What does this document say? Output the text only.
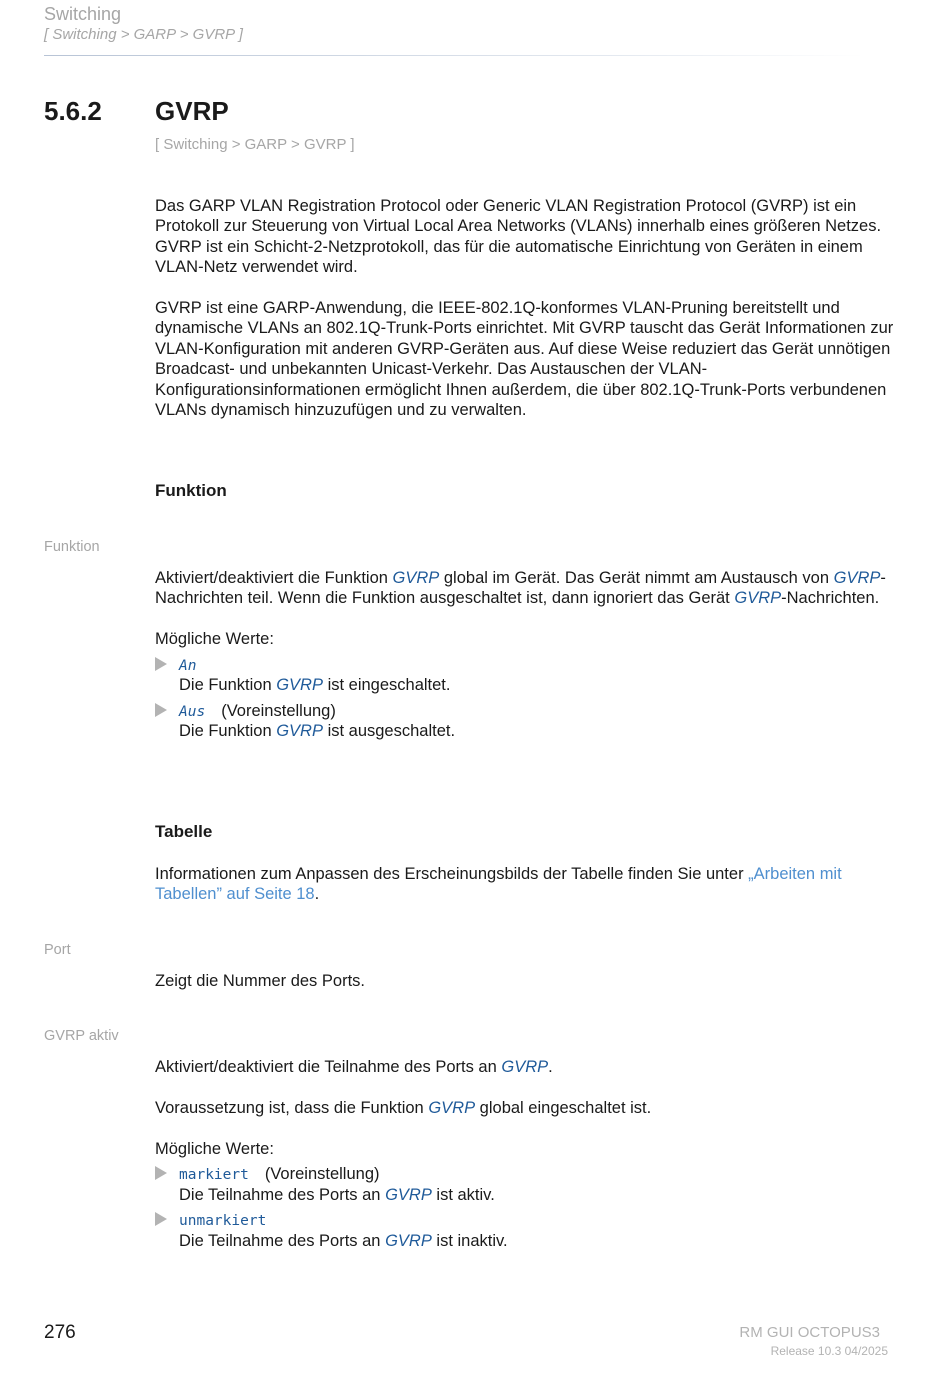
Switching
[ Switching > GARP > GVRP ]
5.6.2 GVRP
[ Switching > GARP > GVRP ]

Das GARP VLAN Registration Protocol oder Generic VLAN Registration Protocol (GVRP) ist ein Protokoll zur Steuerung von Virtual Local Area Networks (VLANs) innerhalb eines größeren Netzes. GVRP ist ein Schicht-2-Netzprotokoll, das für die automatische Einrichtung von Geräten in einem VLAN-Netz verwendet wird.

GVRP ist eine GARP-Anwendung, die IEEE-802.1Q-konformes VLAN-Pruning bereitstellt und dynamische VLANs an 802.1Q-Trunk-Ports einrichtet. Mit GVRP tauscht das Gerät Informationen zur VLAN-Konfiguration mit anderen GVRP-Geräten aus. Auf diese Weise reduziert das Gerät unnötigen Broadcast- und unbekannten Unicast-Verkehr. Das Austauschen der VLAN-Konfigurationsinformationen ermöglicht Ihnen außerdem, die über 802.1Q-Trunk-Ports verbundenen VLANs dynamisch hinzuzufügen und zu verwalten.

Funktion
Funktion

Aktiviert/deaktiviert die Funktion GVRP global im Gerät. Das Gerät nimmt am Austausch von GVRP-Nachrichten teil. Wenn die Funktion ausgeschaltet ist, dann ignoriert das Gerät GVRP-Nachrichten.

Mögliche Werte:
An
Die Funktion GVRP ist eingeschaltet.
Aus (Voreinstellung)
Die Funktion GVRP ist ausgeschaltet.
Tabelle

Informationen zum Anpassen des Erscheinungsbilds der Tabelle finden Sie unter „Arbeiten mit Tabellen” auf Seite 18.

Port

Zeigt die Nummer des Ports.

GVRP aktiv

Aktiviert/deaktiviert die Teilnahme des Ports an GVRP.

Voraussetzung ist, dass die Funktion GVRP global eingeschaltet ist.

Mögliche Werte:
markiert (Voreinstellung)
Die Teilnahme des Ports an GVRP ist aktiv.
unmarkiert
Die Teilnahme des Ports an GVRP ist inaktiv.
276	RM GUI OCTOPUS3
Release 10.3 04/2025
